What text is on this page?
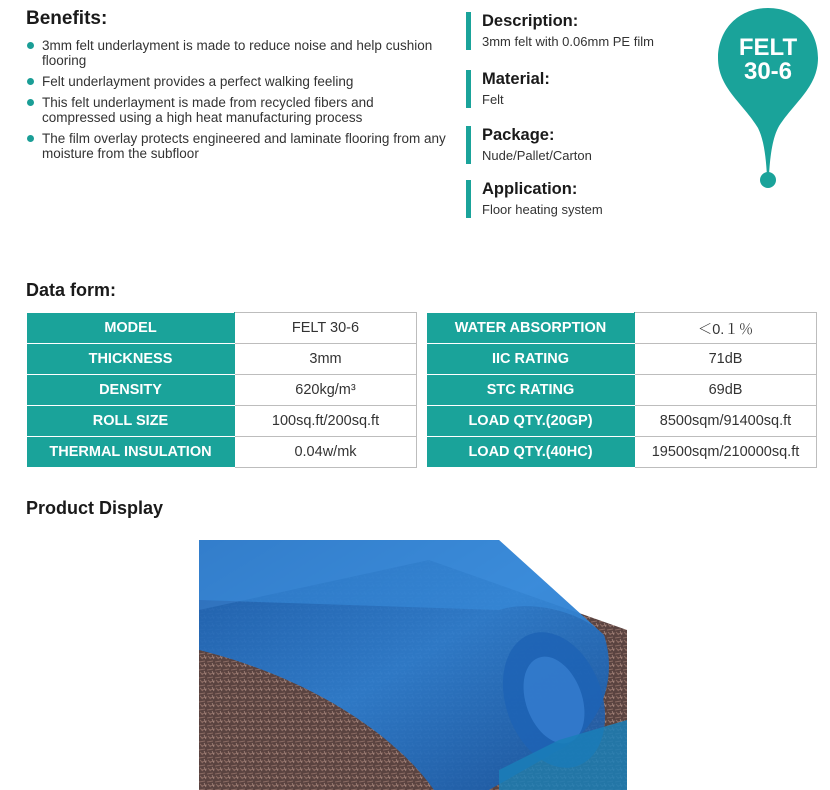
Benefits:
3mm felt underlayment is made to reduce noise and help cushion flooring
Felt underlayment provides a perfect walking feeling
This felt underlayment is made from recycled fibers and compressed using a high heat manufacturing process
The film overlay protects engineered and laminate flooring from any moisture from the subfloor
Description:
3mm felt with 0.06mm PE film
Material:
Felt
Package:
Nude/Pallet/Carton
Application:
Floor heating system
FELT
30-6
Data form:
MODEL	FELT 30-6
THICKNESS	3mm
DENSITY	620kg/m³
ROLL SIZE	100sq.ft/200sq.ft
THERMAL INSULATION	0.04w/mk
WATER ABSORPTION	＜0.１％
IIC RATING	71dB
STC RATING	69dB
LOAD QTY.(20GP)	8500sqm/91400sq.ft
LOAD QTY.(40HC)	19500sqm/210000sq.ft
Product Display
